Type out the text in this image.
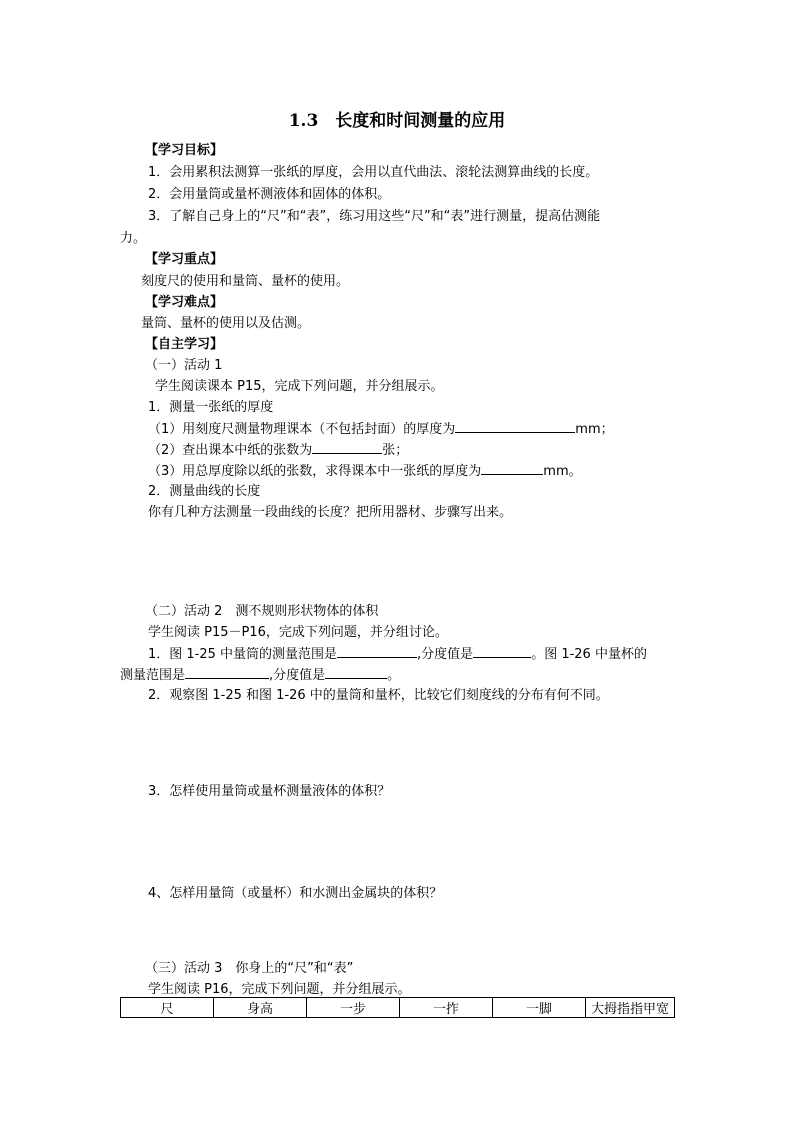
1.3　长度和时间测量的应用
【学习目标】
1．会用累积法测算一张纸的厚度，会用以直代曲法、滚轮法测算曲线的长度。
2．会用量筒或量杯测液体和固体的体积。
3．了解自己身上的“尺”和“表”，练习用这些“尺”和“表”进行测量，提高估测能
力。
【学习重点】
刻度尺的使用和量筒、量杯的使用。
【学习难点】
量筒、量杯的使用以及估测。
【自主学习】
（一）活动 1
学生阅读课本 P15，完成下列问题，并分组展示。
1．测量一张纸的厚度
（1）用刻度尺测量物理课本（不包括封面）的厚度为	mm；
（2）查出课本中纸的张数为	张；
（3）用总厚度除以纸的张数，求得课本中一张纸的厚度为	mm。
2．测量曲线的长度
你有几种方法测量一段曲线的长度？把所用器材、步骤写出来。
（二）活动 2　测不规则形状物体的体积
学生阅读 P15－P16，完成下列问题，并分组讨论。
1．图 1-25 中量筒的测量范围是	,分度值是	。图 1-26 中量杯的
测量范围是	,分度值是	。
2．观察图 1-25 和图 1-26 中的量筒和量杯，比较它们刻度线的分布有何不同。
3．怎样使用量筒或量杯测量液体的体积？
4、怎样用量筒（或量杯）和水测出金属块的体积？
（三）活动 3　你身上的“尺”和“表”
学生阅读 P16，完成下列问题，并分组展示。
尺	身高	一步	一拃	一脚	大拇指指甲宽
